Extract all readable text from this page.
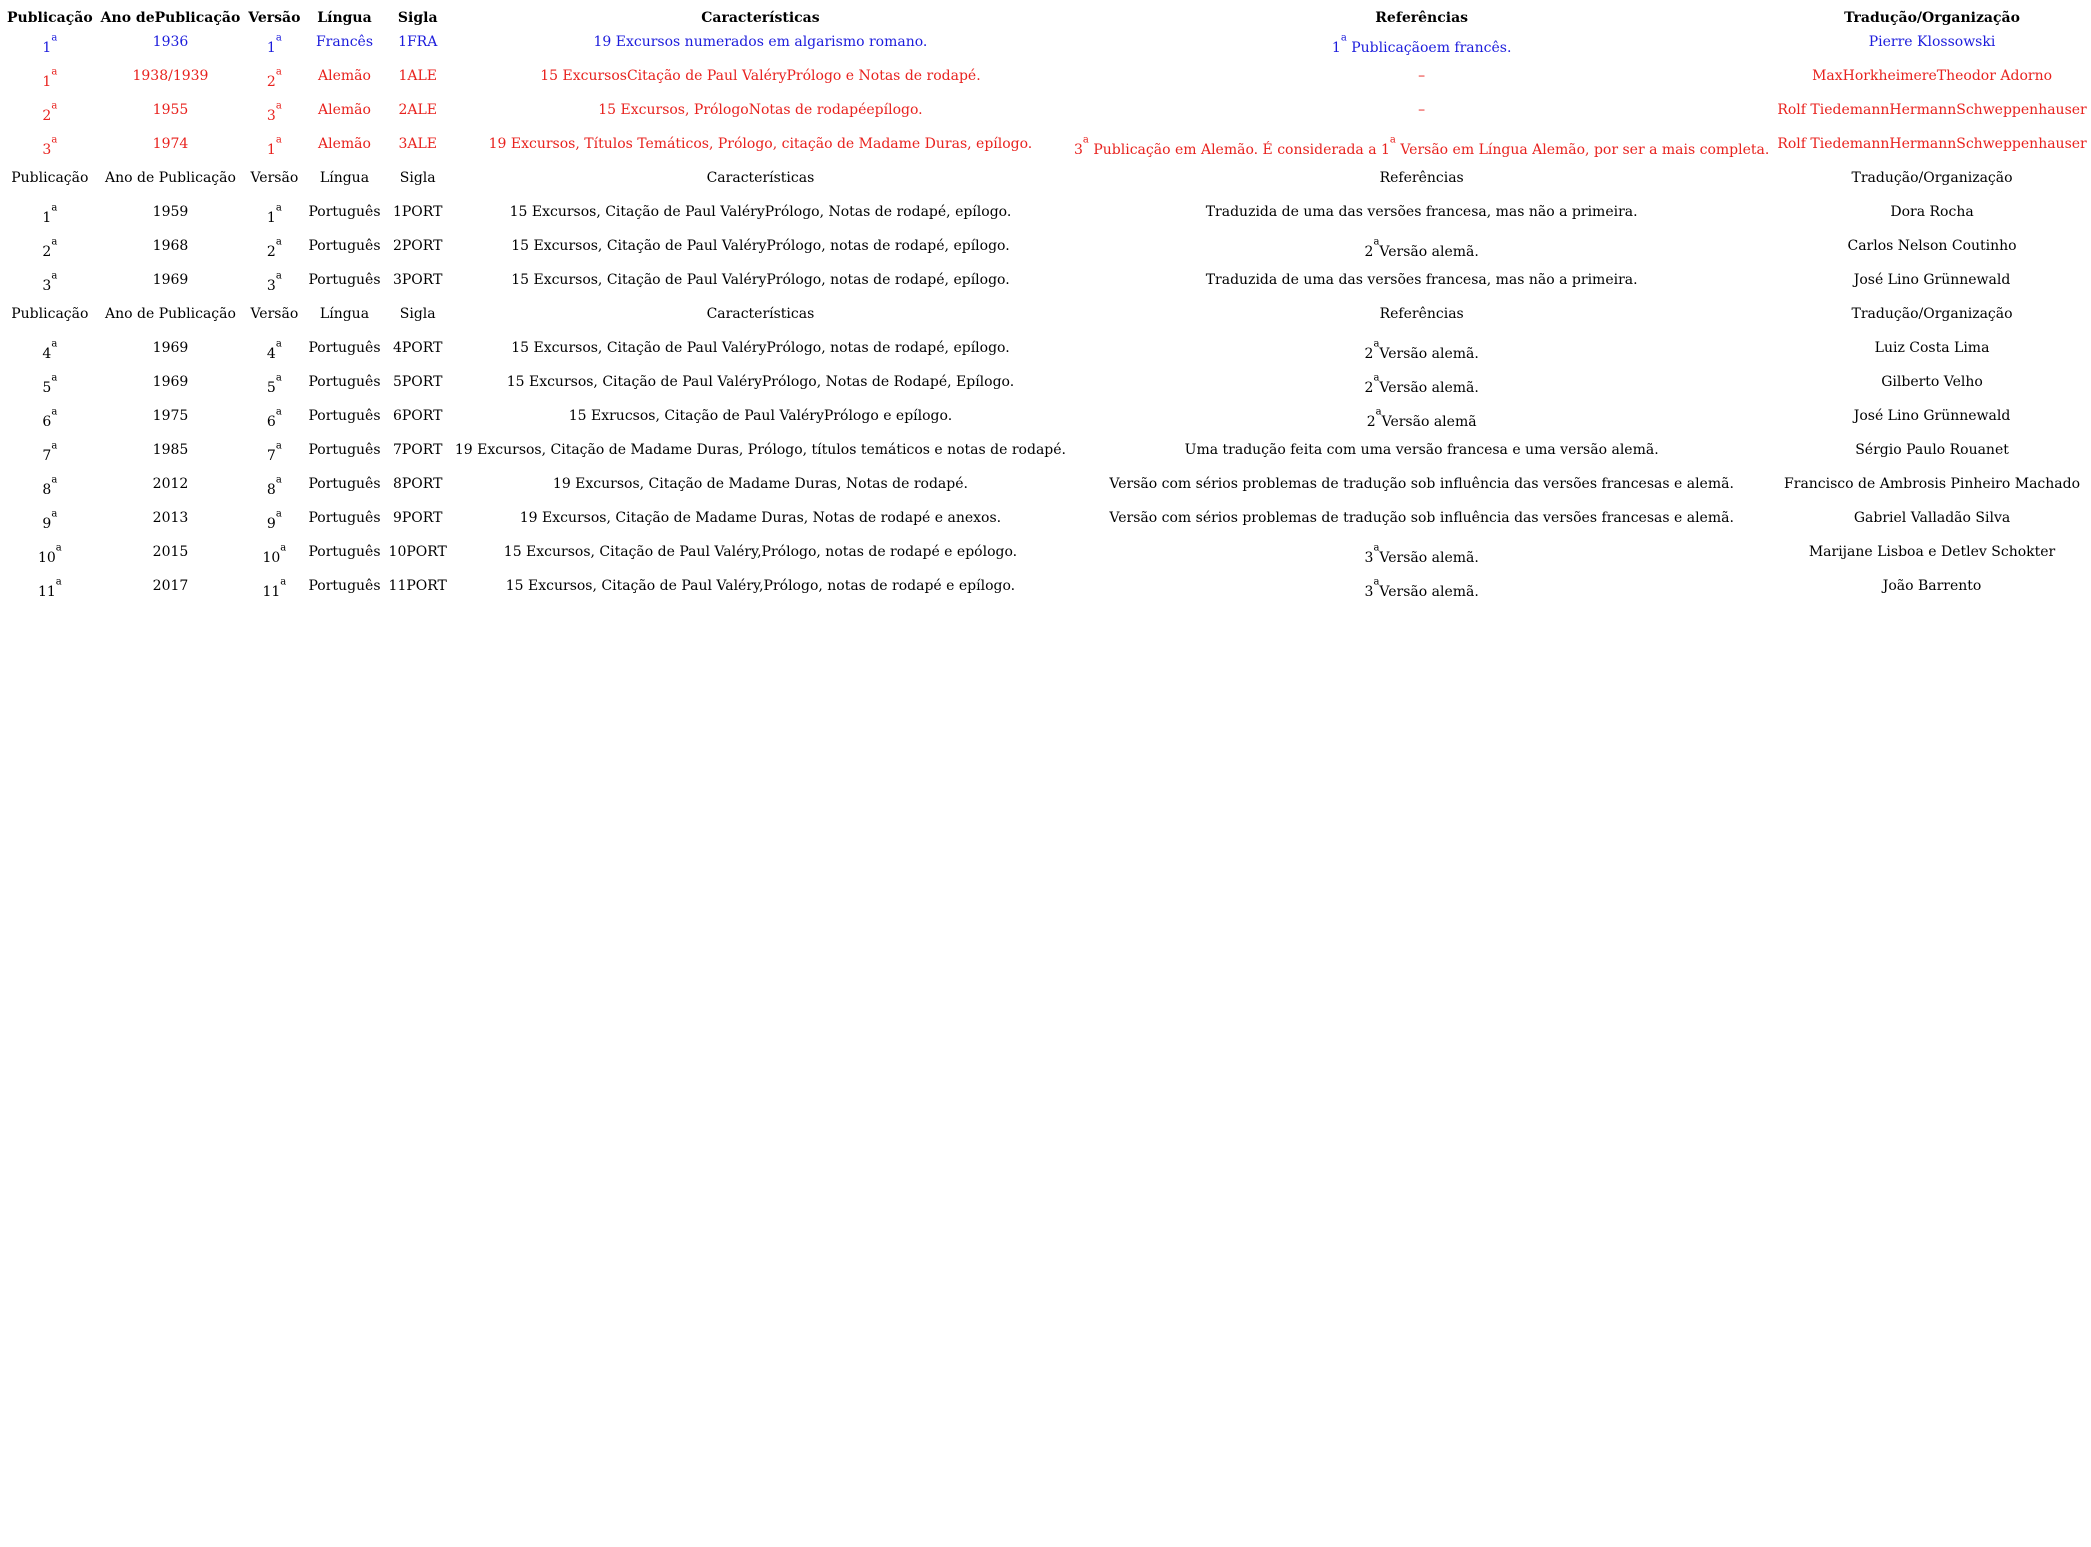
Publicação	Ano dePublicação	Versão	Língua	Sigla	Características	Referências	Tradução/Organização
1$^a$	1936	1$^a$	Francês	1FRA	19 Excursos numerados em algarismo romano.	1$^a$ Publicaçãoem francês.	Pierre Klossowski
1$^a$	1938/1939	2$^a$	Alemão	1ALE	15 ExcursosCitação de Paul ValéryPrólogo e Notas de rodapé.	–	MaxHorkheimereTheodor Adorno
2$^a$	1955	3$^a$	Alemão	2ALE	15 Excursos, PrólogoNotas de rodapéepílogo.	–	Rolf TiedemannHermannSchweppenhauser
3$^a$	1974	1$^a$	Alemão	3ALE	19 Excursos, Títulos Temáticos, Prólogo, citação de Madame Duras, epílogo.	3$^a$ Publicação em Alemão. É considerada a 1$^a$ Versão em Língua Alemão, por ser a mais completa.	Rolf TiedemannHermannSchweppenhauser
Publicação	Ano de Publicação	Versão	Língua	Sigla	Características	Referências	Tradução/Organização
1$^a$	1959	1$^a$	Português	1PORT	15 Excursos, Citação de Paul ValéryPrólogo, Notas de rodapé, epílogo.	Traduzida de uma das versões francesa, mas não a primeira.	Dora Rocha
2$^a$	1968	2$^a$	Português	2PORT	15 Excursos, Citação de Paul ValéryPrólogo, notas de rodapé, epílogo.	2$^a$Versão alemã.	Carlos Nelson Coutinho
3$^a$	1969	3$^a$	Português	3PORT	15 Excursos, Citação de Paul ValéryPrólogo, notas de rodapé, epílogo.	Traduzida de uma das versões francesa, mas não a primeira.	José Lino Grünnewald
Publicação	Ano de Publicação	Versão	Língua	Sigla	Características	Referências	Tradução/Organização
4$^a$	1969	4$^a$	Português	4PORT	15 Excursos, Citação de Paul ValéryPrólogo, notas de rodapé, epílogo.	2$^a$Versão alemã.	Luiz Costa Lima
5$^a$	1969	5$^a$	Português	5PORT	15 Excursos, Citação de Paul ValéryPrólogo, Notas de Rodapé, Epílogo.	2$^a$Versão alemã.	Gilberto Velho
6$^a$	1975	6$^a$	Português	6PORT	15 Exrucsos, Citação de Paul ValéryPrólogo e epílogo.	2$^a$Versão alemã	José Lino Grünnewald
7$^a$	1985	7$^a$	Português	7PORT	19 Excursos, Citação de Madame Duras, Prólogo, títulos temáticos e notas de rodapé.	Uma tradução feita com uma versão francesa e uma versão alemã.	Sérgio Paulo Rouanet
8$^a$	2012	8$^a$	Português	8PORT	19 Excursos, Citação de Madame Duras, Notas de rodapé.	Versão com sérios problemas de tradução sob influência das versões francesas e alemã.	Francisco de Ambrosis Pinheiro Machado
9$^a$	2013	9$^a$	Português	9PORT	19 Excursos, Citação de Madame Duras, Notas de rodapé e anexos.	Versão com sérios problemas de tradução sob influência das versões francesas e alemã.	Gabriel Valladão Silva
10$^a$	2015	10$^a$	Português	10PORT	15 Excursos, Citação de Paul Valéry,Prólogo, notas de rodapé e epólogo.	3$^a$Versão alemã.	Marijane Lisboa e Detlev Schokter
11$^a$	2017	11$^a$	Português	11PORT	15 Excursos, Citação de Paul Valéry,Prólogo, notas de rodapé e epílogo.	3$^a$Versão alemã.	João Barrento
